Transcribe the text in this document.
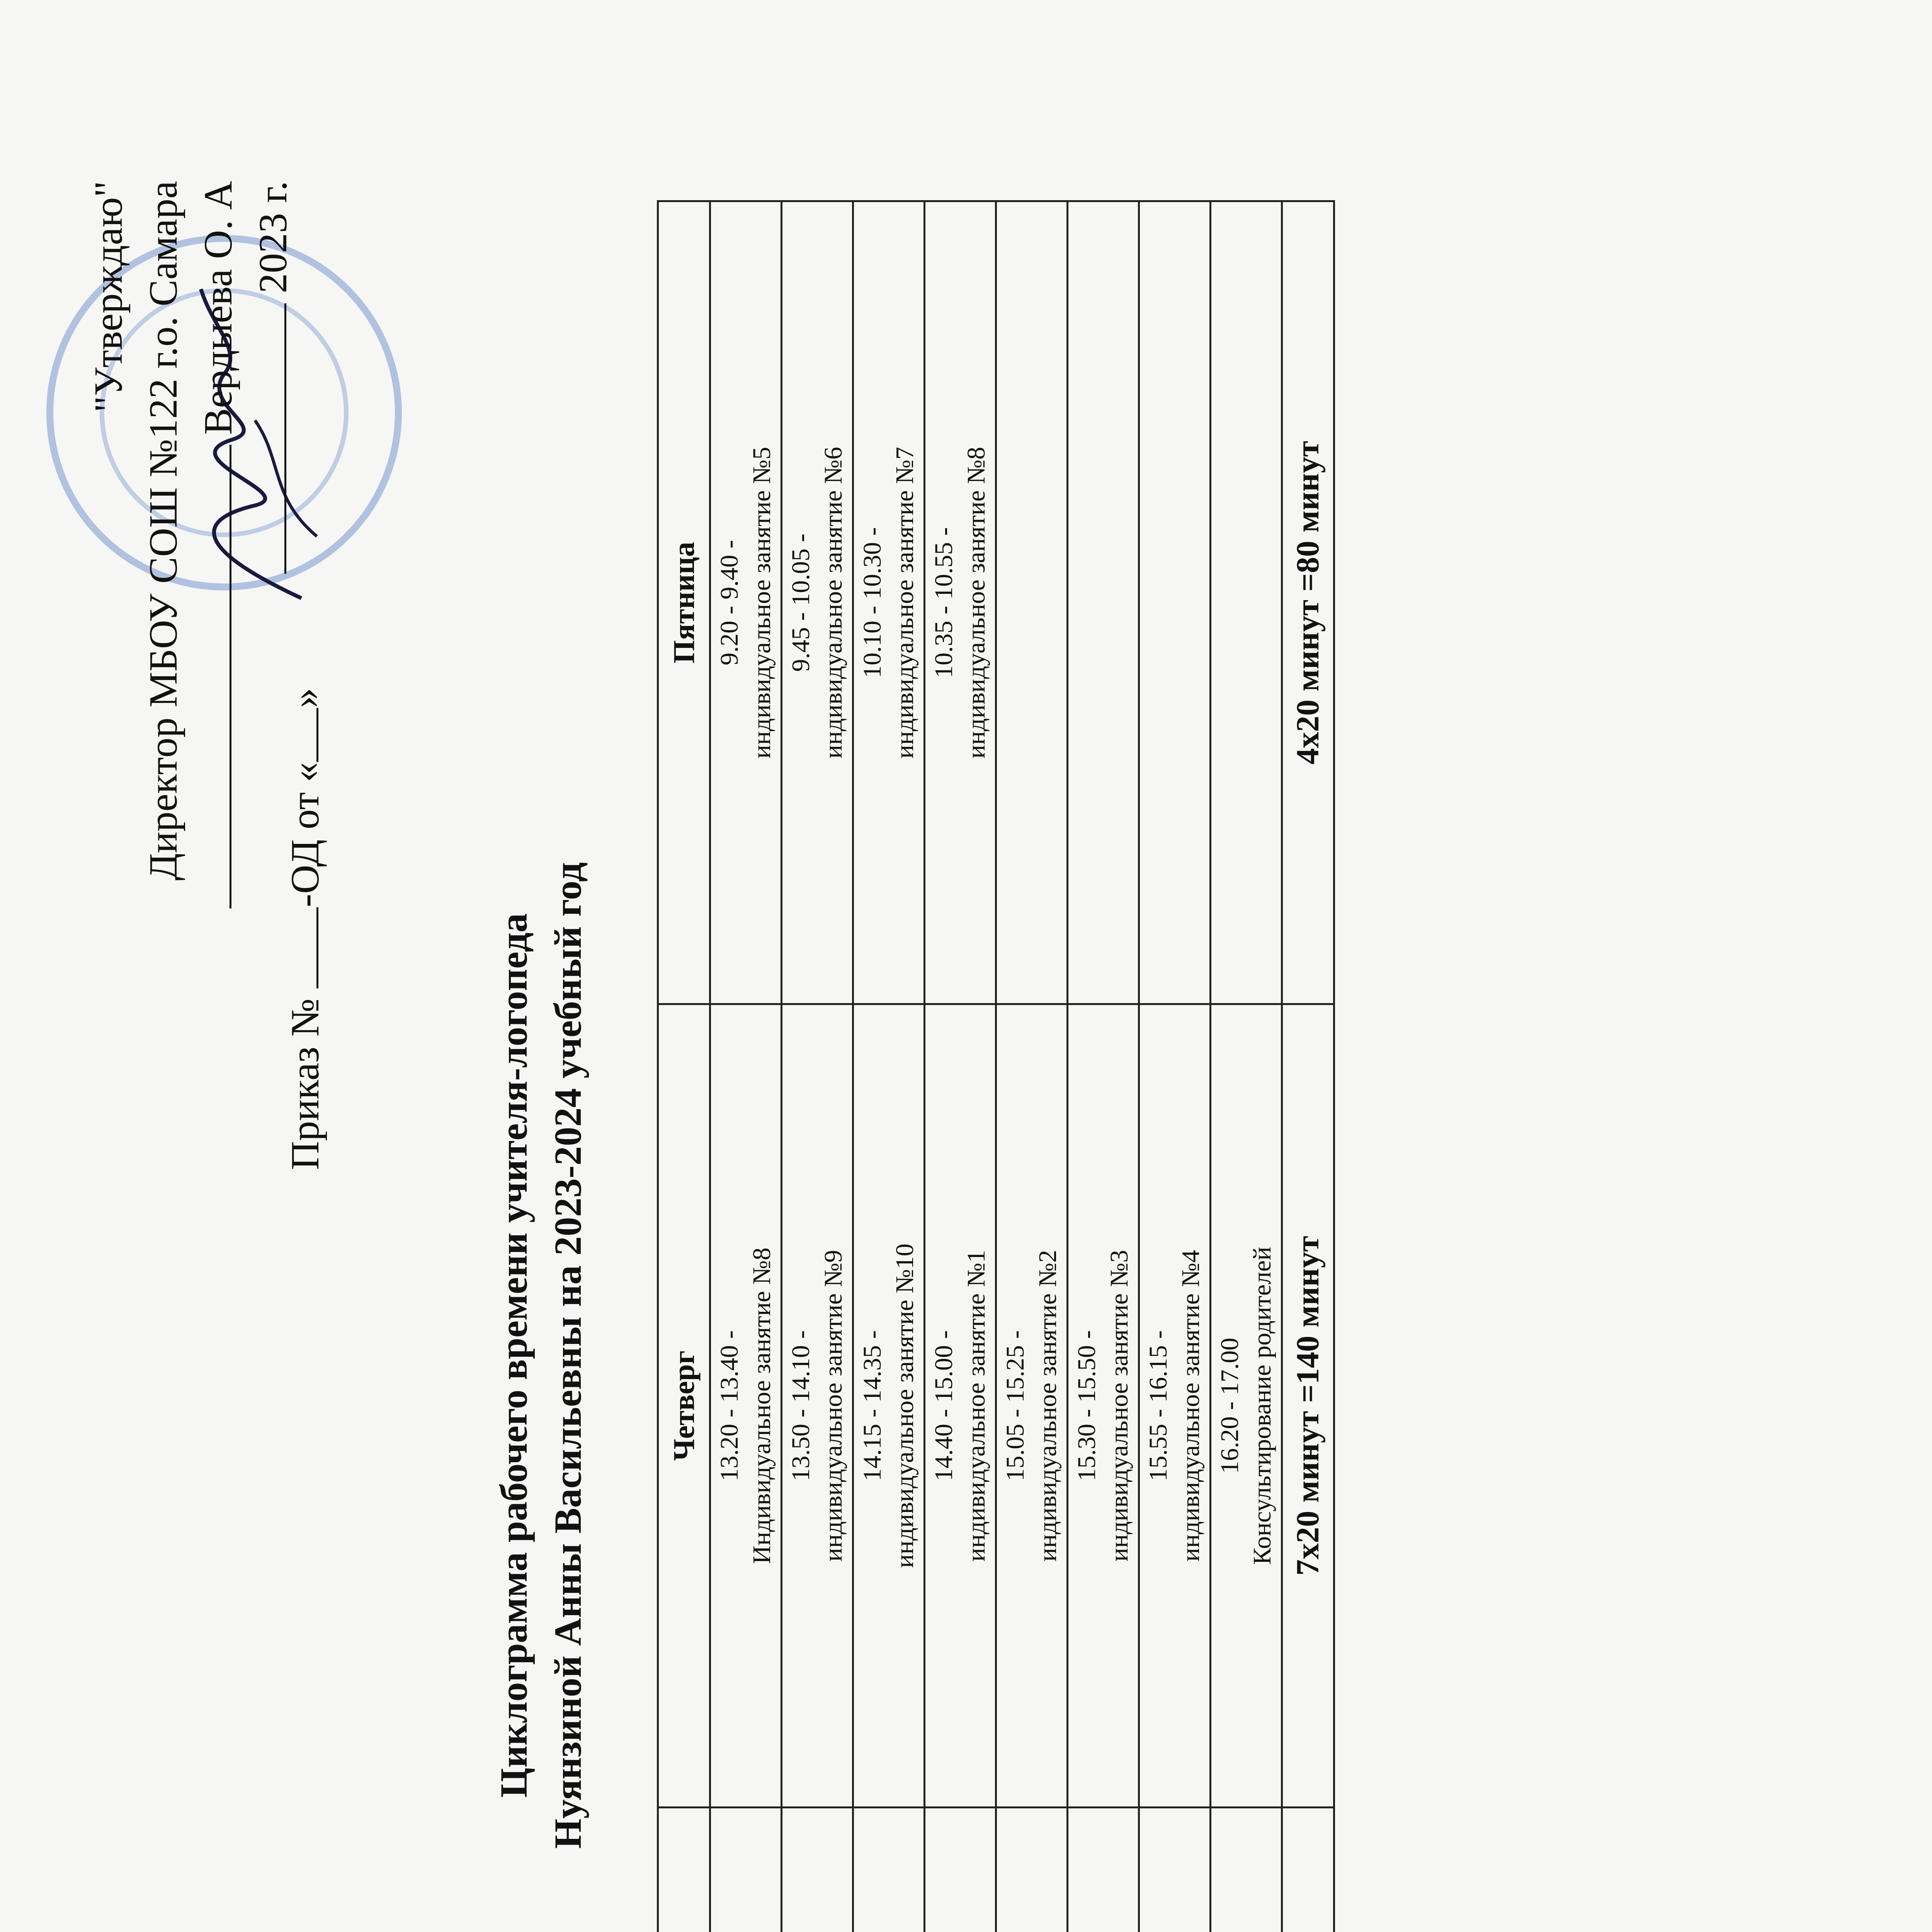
"Утверждаю" Директор МБОУ СОШ №122 г.о. Самара Вердыева О. А 2023 г.
Приказ № -ОД от «»
Циклограмма рабочего времени учителя-логопеда Нуянзиной Анны Васильевны на 2023-2024 учебный год
		Четверг	Пятница

13.20 - 13.40 - Индивидуальное занятие №8	9.20 - 9.40 - индивидуальное занятие №5

13.50 - 14.10 - индивидуальное занятие №9	9.45 - 10.05 - индивидуальное занятие №6

14.15 - 14.35 - индивидуальное занятие №10	10.10 - 10.30 - индивидуальное занятие №7

14.40 - 15.00 - индивидуальное занятие №1	10.35 - 10.55 - индивидуальное занятие №8

15.05 - 15.25 - индивидуальное занятие №2	

15.30 - 15.50 - индивидуальное занятие №3	

15.55 - 16.15 - индивидуальное занятие №4	

16.20 - 17.00 Консультирование родителей	

	7х20 минут =140 минут	4х20 минут =80 минут
